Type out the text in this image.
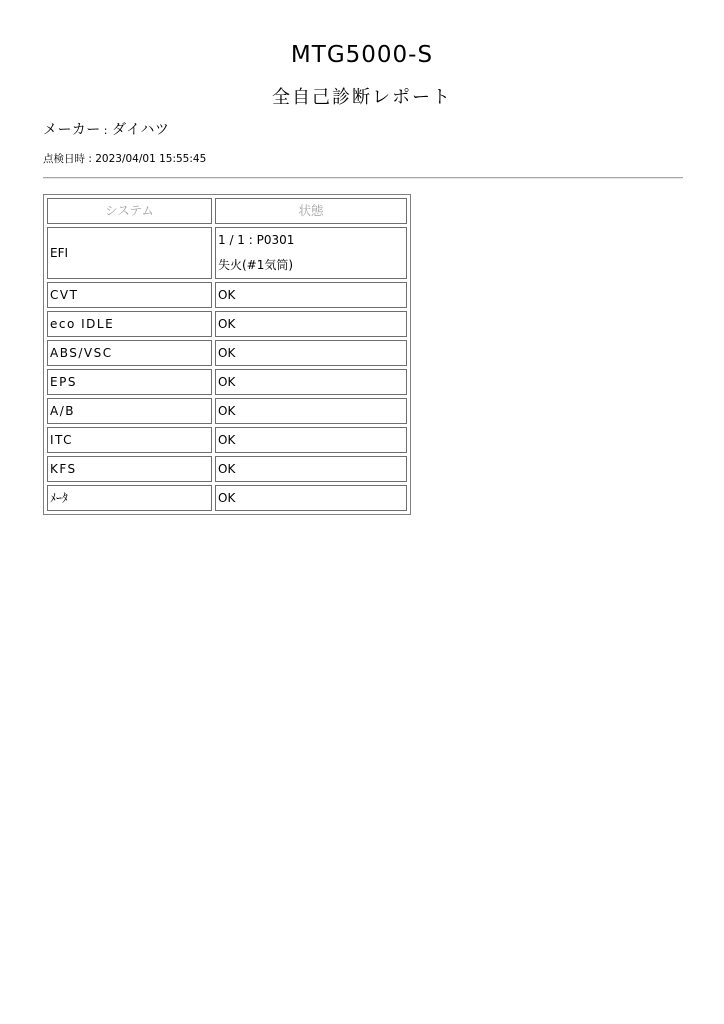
MTG5000-S
全自己診断レポート
メーカー : ダイハツ
点検日時 : 2023/04/01 15:55:45
システム	状態
EFI	1 / 1 : P0301
失火(#1気筒)

CVT	OK
eco IDLE	OK
ABS/VSC	OK
EPS	OK
A/B	OK
ITC	OK
KFS	OK
ﾒｰﾀ	OK
